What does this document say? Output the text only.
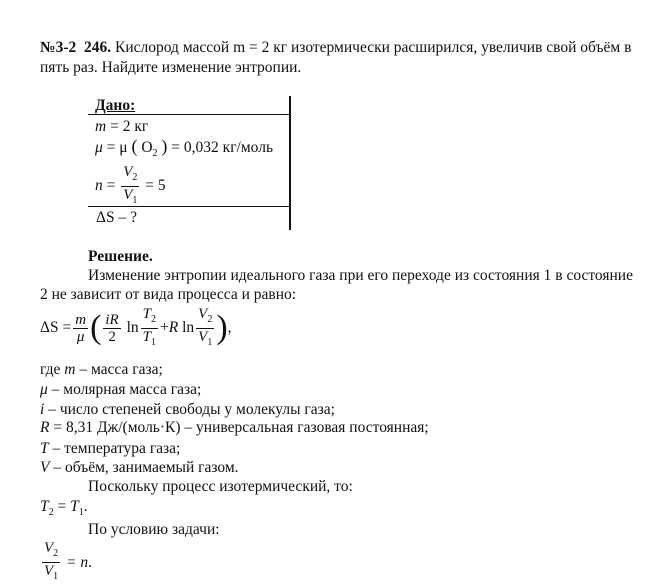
№3-2 246. Кислород массой m = 2 кг изотермически расширился, увеличив свой объём в
пять раз. Найдите изменение энтропии.
Дано:
m = 2 кг
μ = μ ( $O_2$ ) = 0,032 кг/моль
$n = \frac{V_2}{V_1} = 5$
ΔS – ?
Решение.
Изменение энтропии идеального газа при его переходе из состояния 1 в состояние
2 не зависит от вида процесса и равно:
ΔS
= $\frac{m}{\mu}$ ( $\frac{iR}{2}$
$\ln \frac{T_2}{T_1} + R$
$\ln \frac{V_2}{V_1}$ ) ,
где m – масса газа;
μ – молярная масса газа;
i – число степеней свободы у молекулы газа;
R = 8,31 Дж/(моль·К) – универсальная газовая постоянная;
T – температура газа;
V – объём, занимаемый газом.
Поскольку процесс изотермический, то:
$T_2 = T_1$.
По условию задачи:
$\frac{V_2}{V_1}$
= n .
